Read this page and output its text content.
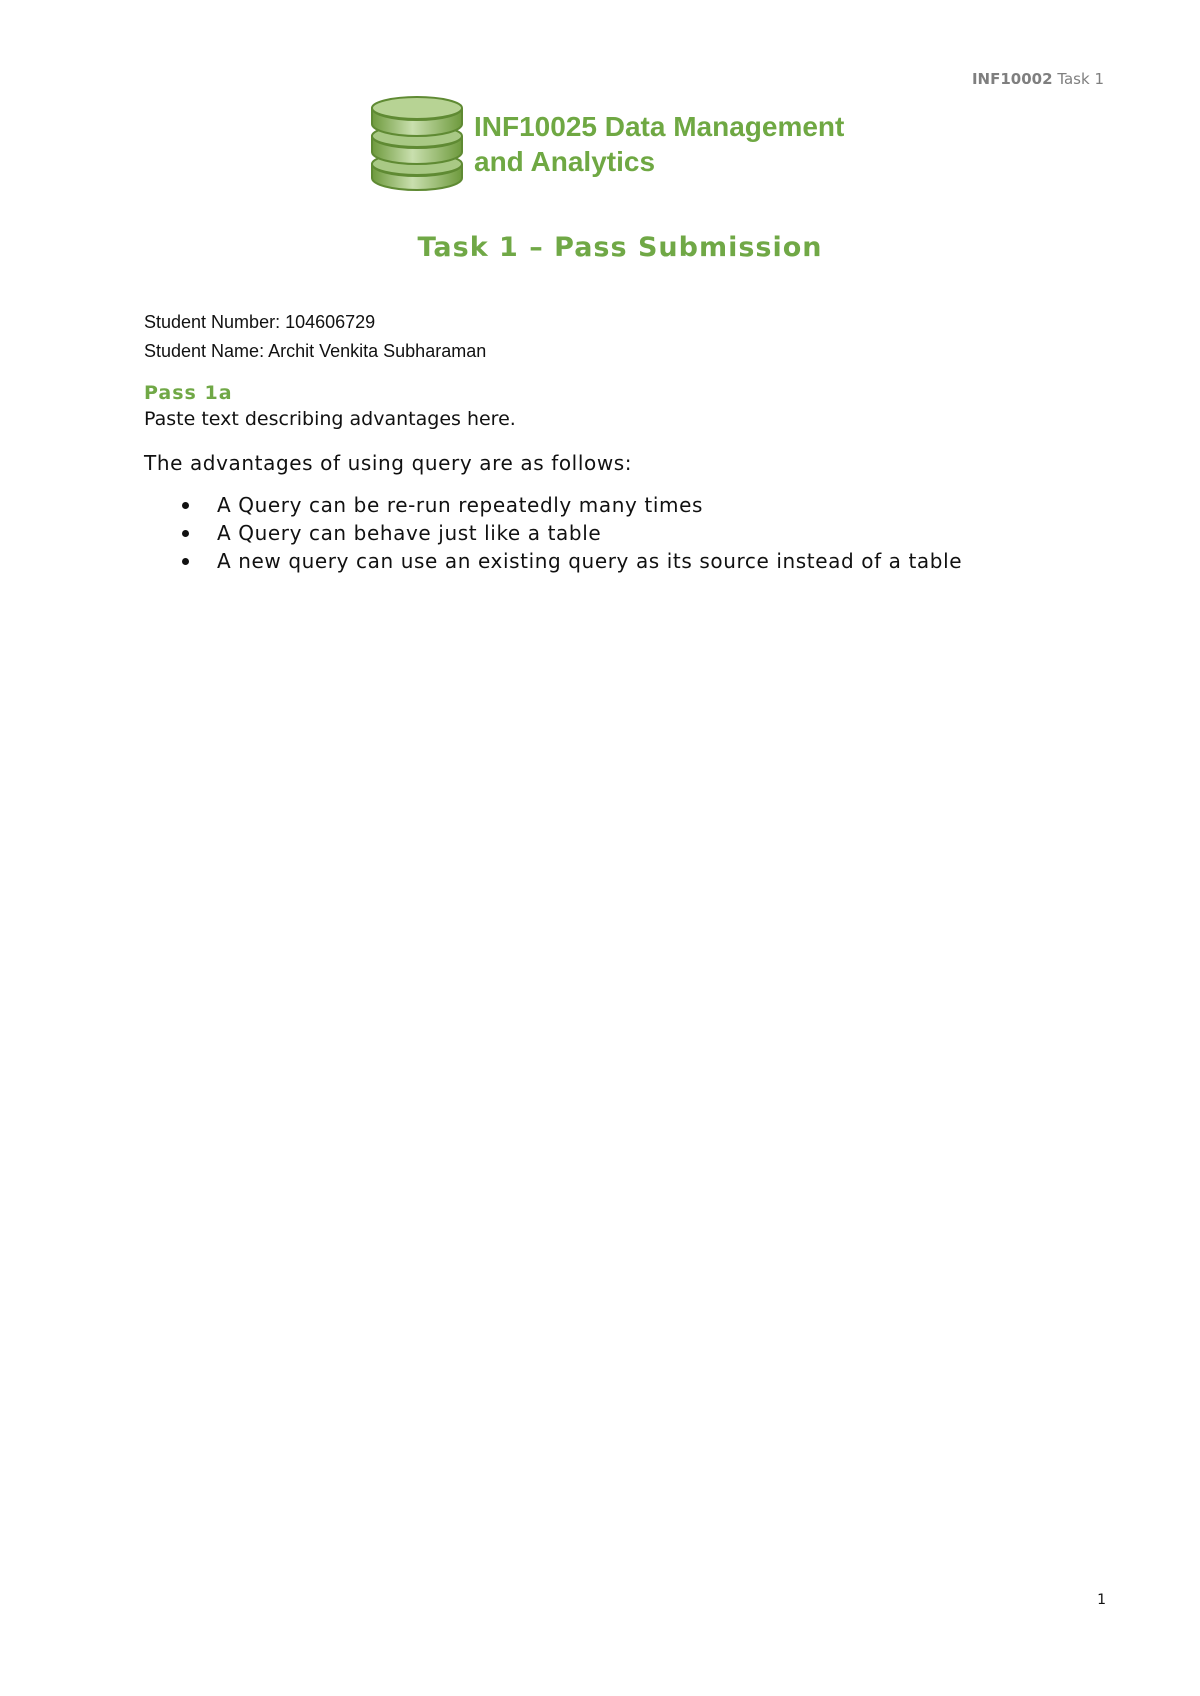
INF10002 Task 1
INF10025 Data Management
and Analytics
Task 1 – Pass Submission
Student Number: 104606729
Student Name: Archit Venkita Subharaman
Pass 1a
Paste text describing advantages here.
The advantages of using query are as follows:
A Query can be re-run repeatedly many times
A Query can behave just like a table
A new query can use an existing query as its source instead of a table
1
